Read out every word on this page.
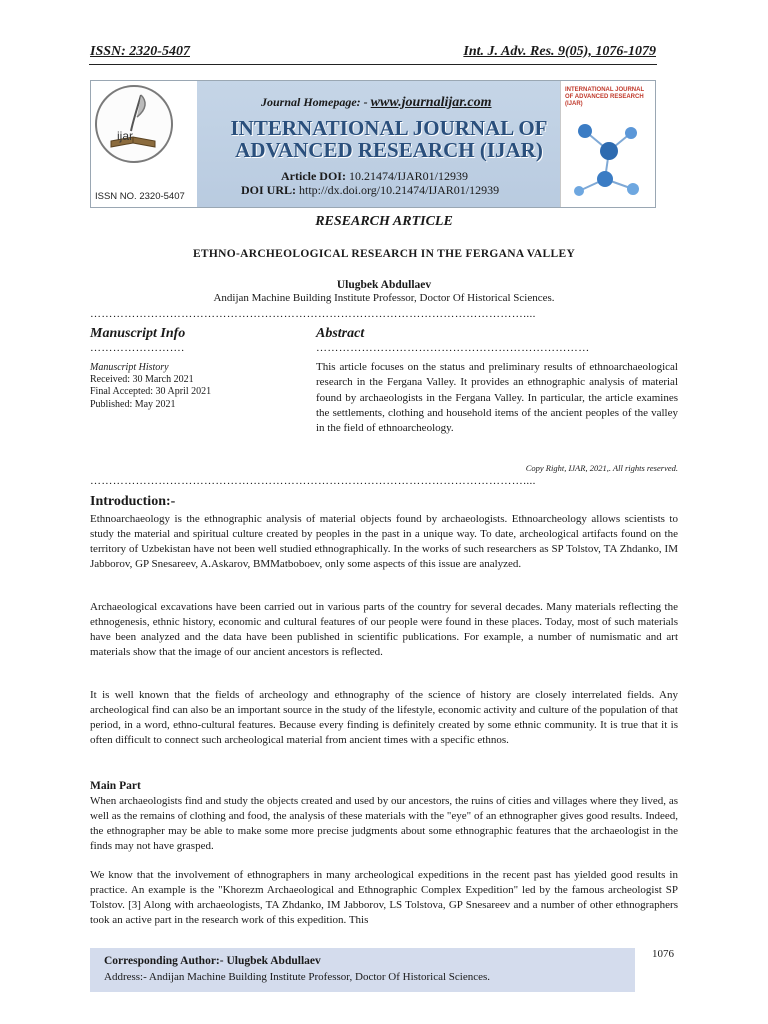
ISSN: 2320-5407	Int. J. Adv. Res. 9(05), 1076-1079
ijar
ISSN NO. 2320-5407
Journal Homepage: - www.journalijar.com
INTERNATIONAL JOURNAL OF ADVANCED RESEARCH (IJAR)
Article DOI: 10.21474/IJAR01/12939
DOI URL: http://dx.doi.org/10.21474/IJAR01/12939
INTERNATIONAL JOURNAL OF ADVANCED RESEARCH (IJAR)
RESEARCH ARTICLE
ETHNO-ARCHEOLOGICAL RESEARCH IN THE FERGANA VALLEY
Ulugbek Abdullaev
Andijan Machine Building Institute Professor, Doctor Of Historical Sciences.
……………………………………………………………………………………………………....
Manuscript Info	Abstract
…………………….	………………………………………………………………
Manuscript History
Received: 30 March 2021
Final Accepted: 30 April 2021
Published: May 2021
This article focuses on the status and preliminary results of ethnoarchaeological research in the Fergana Valley. It provides an ethnographic analysis of material found by archaeologists in the Fergana Valley. In particular, the article examines the settlements, clothing and household items of the ancient peoples of the valley in the field of ethnoarcheology.
Copy Right, IJAR, 2021,. All rights reserved.
……………………………………………………………………………………………………....
Introduction:-
Ethnoarchaeology is the ethnographic analysis of material objects found by archaeologists. Ethnoarcheology allows scientists to study the material and spiritual culture created by peoples in the past in a unique way. To date, archeological artifacts found on the territory of Uzbekistan have not been well studied ethnographically. In the works of such researchers as SP Tolstov, TA Zhdanko, IM Jabborov, GP Snesareev, A.Askarov, BMMatboboev, only some aspects of this issue are analyzed.
Archaeological excavations have been carried out in various parts of the country for several decades. Many materials reflecting the ethnogenesis, ethnic history, economic and cultural features of our people were found in these places. Today, most of such materials have been analyzed and the data have been published in scientific publications. For example, a number of numismatic and art materials show that the image of our ancient ancestors is reflected.
It is well known that the fields of archeology and ethnography of the science of history are closely interrelated fields. Any archeological find can also be an important source in the study of the lifestyle, economic activity and culture of the population of that period, in a word, ethno-cultural features. Because every finding is definitely created by some ethnic community. It is true that it is often difficult to connect such archeological material from ancient times with a specific ethnos.
Main Part
When archaeologists find and study the objects created and used by our ancestors, the ruins of cities and villages where they lived, as well as the remains of clothing and food, the analysis of these materials with the "eye" of an ethnographer gives good results. Indeed, the ethnographer may be able to make some more precise judgments about some ethnographic features that the archaeologist in the finds may not have grasped.
We know that the involvement of ethnographers in many archeological expeditions in the recent past has yielded good results in practice. An example is the "Khorezm Archaeological and Ethnographic Complex Expedition" led by the famous archeologist SP Tolstov. [3] Along with archaeologists, TA Zhdanko, IM Jabborov, LS Tolstova, GP Snesareev and a number of other ethnographers took an active part in the research work of this expedition. This
Corresponding Author:- Ulugbek Abdullaev
Address:- Andijan Machine Building Institute Professor, Doctor Of Historical Sciences.
1076
